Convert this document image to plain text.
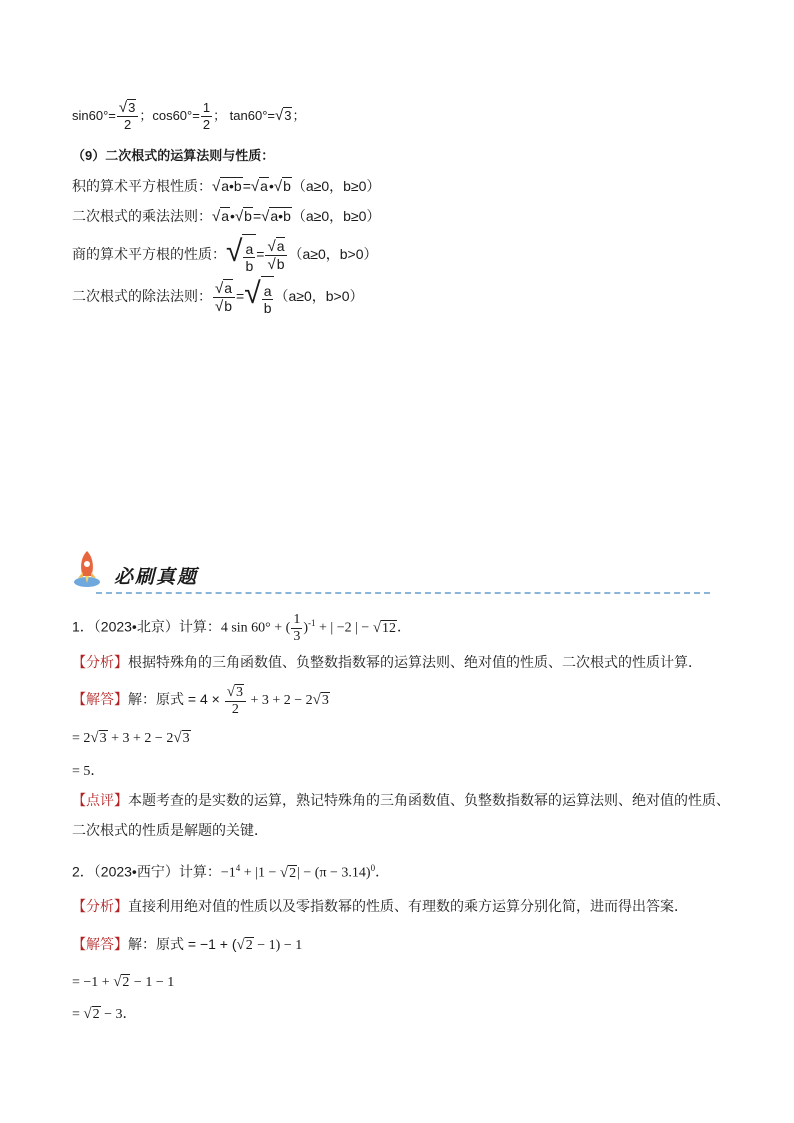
$\sin 60^\circ= \frac{√3}{2}$ ；$\cos 60^\circ= \frac{1}{2}$ ； tan60°=√3；
（9）二次根式的运算法则与性质：
积的算术平方根性质：√a•b=√a•√b（a≥0，b≥0）
二次根式的乘法法则：√a•√b=√a•b（a≥0，b≥0）
商的算术平方根的性质： √ $\frac{a}{b} = \frac{√a}{√b} (a\ge 0$，b>0）
二次根式的除法法则： $\frac{√a}{√b}$ = √ $\frac{a}{b} (a\ge 0$，b>0）
必刷真题
1．（2023•北京）计算：4 sin 60° + ( $\frac{1}{3} )^{-1}$ + | −2 | − √12．
【分析】根据特殊角的三角函数值、负整数指数幂的运算法则、绝对值的性质、二次根式的性质计算．
【解答】解：原式 = $4 \times \frac{√3}{2} + 3 + 2 - 2√3$
= 2√3 + 3 + 2 − 2√3
= 5．
【点评】本题考查的是实数的运算，熟记特殊角的三角函数值、负整数指数幂的运算法则、绝对值的性质、
二次根式的性质是解题的关键．
2．（2023•西宁）计算：$-1^4 + |1 - √2| - (\pi - 3.14)^0$．
【分析】直接利用绝对值的性质以及零指数幂的性质、有理数的乘方运算分别化简，进而得出答案．
【解答】解：原式 = −1 + (√2 − 1) − 1
= −1 + √2 − 1 − 1
= √2 − 3．
